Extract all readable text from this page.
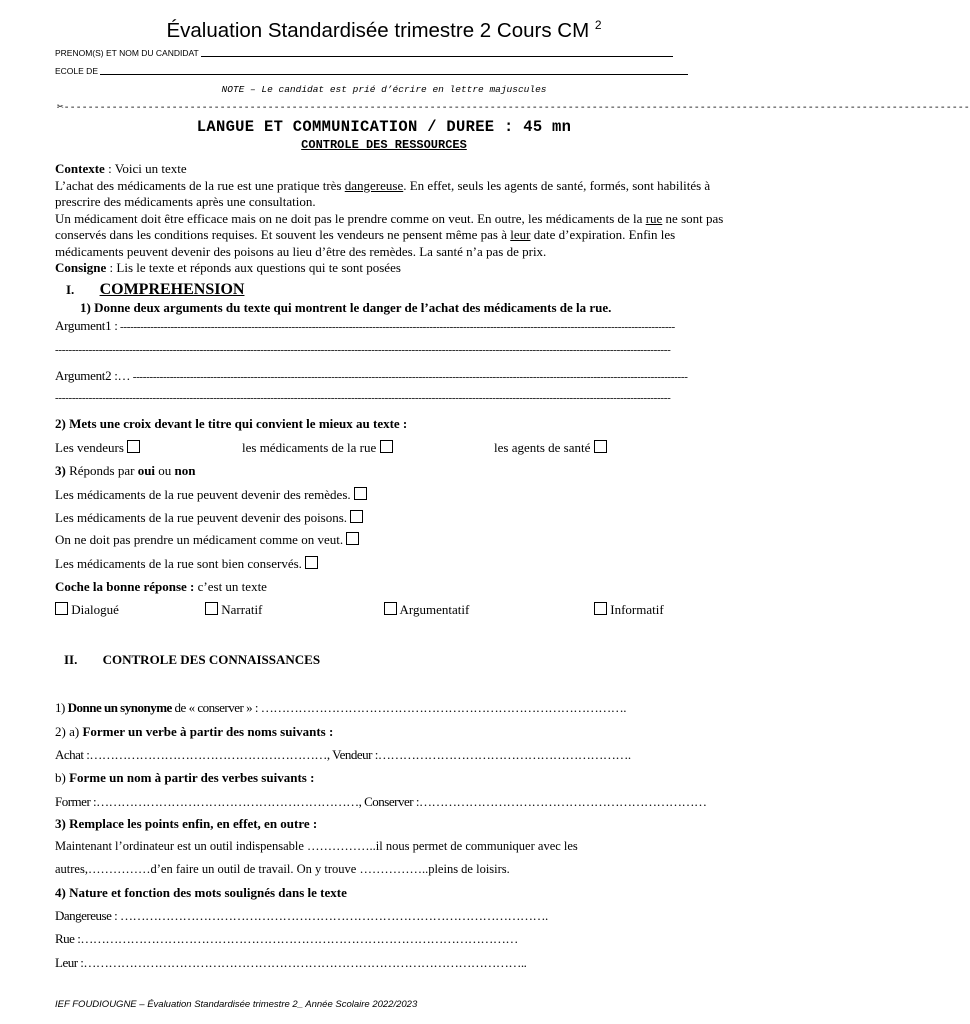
Évaluation Standardisée trimestre 2 Cours CM $^2$
PRENOM(S) ET NOM DU CANDIDAT
ECOLE DE
NOTE – Le candidat est prié d’écrire en lettre majuscules
✂-------------------------------------------------------------------------------------------------------------------------------------------------------
LANGUE ET COMMUNICATION / DUREE : 45 mn
CONTROLE DES RESSOURCES
Contexte : Voici un texte
L’achat des médicaments de la rue est une pratique très dangereuse. En effet, seuls les agents de santé, formés, sont habilités à prescrire des médicaments après une consultation.
Un médicament doit être efficace mais on ne doit pas le prendre comme on veut. En outre, les médicaments de la rue ne sont pas conservés dans les conditions requises. Et souvent les vendeurs ne pensent même pas à leur date d’expiration. Enfin les médicaments peuvent devenir des poisons au lieu d’être des remèdes. La santé n’a pas de prix.
Consigne : Lis le texte et réponds aux questions qui te sont posées
I. COMPREHENSION
1) Donne deux arguments du texte qui montrent le danger de l’achat des médicaments de la rue.
Argument1 : ---------------------------------------------------------------------------------------------------------------------------------------------------------------------
---------------------------------------------------------------------------------------------------------------------------------------------------------------------------------------
Argument2 :… ---------------------------------------------------------------------------------------------------------------------------------------------------------------------
---------------------------------------------------------------------------------------------------------------------------------------------------------------------------------------
2) Mets une croix devant le titre qui convient le mieux au texte :
Les vendeurs	les médicaments de la rue	les agents de santé
3) Réponds par oui ou non
Les médicaments de la rue peuvent devenir des remèdes.
Les médicaments de la rue peuvent devenir des poisons.
On ne doit pas prendre un médicament comme on veut.
Les médicaments de la rue sont bien conservés.
Coche la bonne réponse : c’est un texte
Dialogué	Narratif	Argumentatif	Informatif
II. CONTROLE DES CONNAISSANCES
1) Donne un synonyme de « conserver » : …………………………………………………………………………….
2) a) Former un verbe à partir des noms suivants :
Achat :…………………………………………………, Vendeur :…………………………………………………….
b) Forme un nom à partir des verbes suivants :
Former :………………………………………………………, Conserver :……………………………………………………………
3) Remplace les points enfin, en effet, en outre :
Maintenant l’ordinateur est un outil indispensable ……………..il nous permet de communiquer avec les
autres,……………d’en faire un outil de travail. On y trouve ……………..pleins de loisirs.
4) Nature et fonction des mots soulignés dans le texte
Dangereuse : ………………………………………………………………………………………….
Rue :……………………………………………………………………………………………
Leur :……………………………………………………………………………………………..
IEF FOUDIOUGNE – Évaluation Standardisée trimestre 2_ Année Scolaire 2022/2023
